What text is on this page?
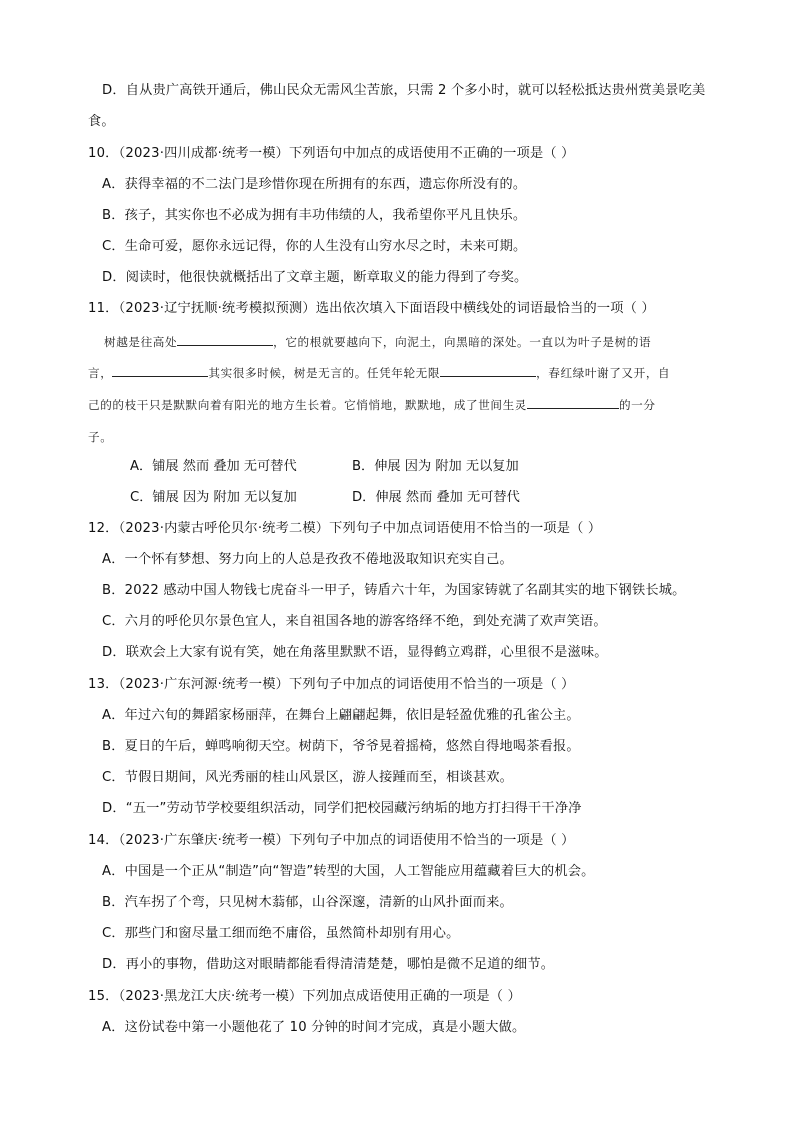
D．自从贵广高铁开通后，佛山民众无需风尘苦旅，只需 2 个多小时，就可以轻松抵达贵州赏美景吃美
食。
10．（2023·四川成都·统考一模）下列语句中加点的成语使用不正确的一项是（ ）
A．获得幸福的不二法门是珍惜你现在所拥有的东西，遗忘你所没有的。
B．孩子，其实你也不必成为拥有丰功伟绩的人，我希望你平凡且快乐。
C．生命可爱，愿你永远记得，你的人生没有山穷水尽之时，未来可期。
D．阅读时，他很快就概括出了文章主题，断章取义的能力得到了夸奖。
11．（2023·辽宁抚顺·统考模拟预测）选出依次填入下面语段中横线处的词语最恰当的一项（ ）
树越是往高处	，它的根就要越向下，向泥土，向黑暗的深处。一直以为叶子是树的语
言，	其实很多时候，树是无言的。任凭年轮无限	，春红绿叶谢了又开，自
己的的枝干只是默默向着有阳光的地方生长着。它悄悄地，默默地，成了世间生灵	的一分
子。
A．铺展 然而 叠加 无可替代	B．伸展 因为 附加 无以复加
C．铺展 因为 附加 无以复加	D．伸展 然而 叠加 无可替代
12．（2023·内蒙古呼伦贝尔·统考二模）下列句子中加点词语使用不恰当的一项是（ ）
A．一个怀有梦想、努力向上的人总是孜孜不倦地汲取知识充实自己。
B．2022 感动中国人物钱七虎奋斗一甲子，铸盾六十年，为国家铸就了名副其实的地下钢铁长城。
C．六月的呼伦贝尔景色宜人，来自祖国各地的游客络绎不绝，到处充满了欢声笑语。
D．联欢会上大家有说有笑，她在角落里默默不语，显得鹤立鸡群，心里很不是滋味。
13．（2023·广东河源·统考一模）下列句子中加点的词语使用不恰当的一项是（ ）
A．年过六旬的舞蹈家杨丽萍，在舞台上翩翩起舞，依旧是轻盈优雅的孔雀公主。
B．夏日的午后，蝉鸣响彻天空。树荫下，爷爷晃着摇椅，悠然自得地喝茶看报。
C．节假日期间，风光秀丽的桂山风景区，游人接踵而至，相谈甚欢。
D．“五一”劳动节学校要组织活动，同学们把校园藏污纳垢的地方打扫得干干净净
14．（2023·广东肇庆·统考一模）下列句子中加点的词语使用不恰当的一项是（ ）
A．中国是一个正从“制造”向“智造”转型的大国，人工智能应用蕴藏着巨大的机会。
B．汽车拐了个弯，只见树木蓊郁，山谷深邃，清新的山风扑面而来。
C．那些门和窗尽量工细而绝不庸俗，虽然简朴却别有用心。
D．再小的事物，借助这对眼睛都能看得清清楚楚，哪怕是微不足道的细节。
15．（2023·黑龙江大庆·统考一模）下列加点成语使用正确的一项是（ ）
A．这份试卷中第一小题他花了 10 分钟的时间才完成，真是小题大做。
